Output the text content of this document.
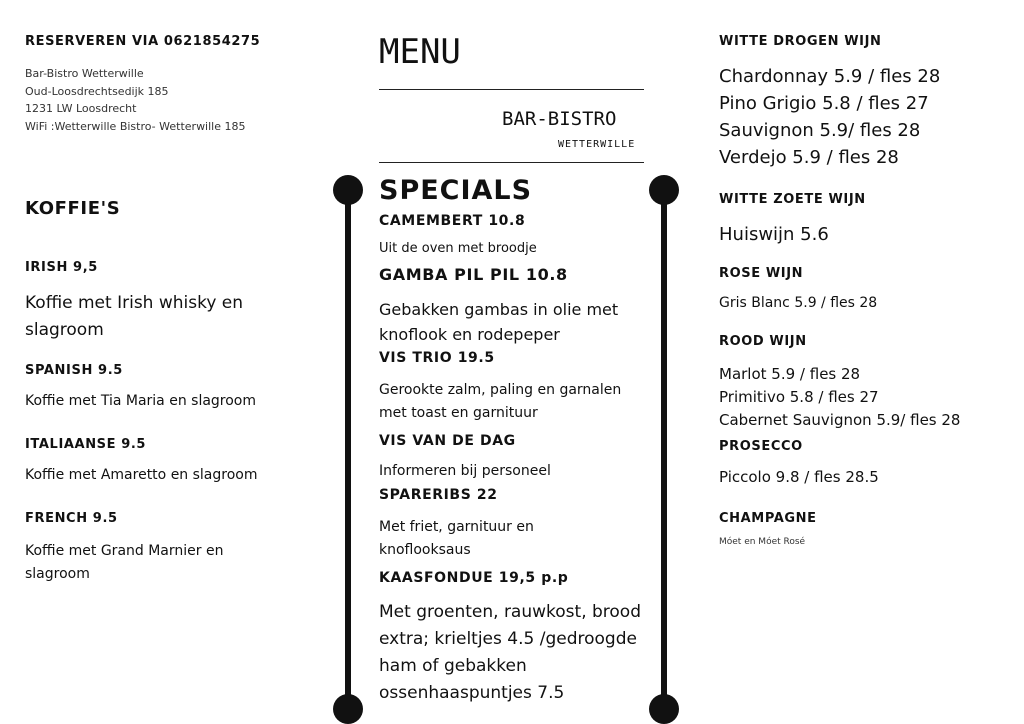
RESERVEREN VIA 0621854275
Bar-Bistro Wetterwille
Oud-Loosdrechtsedijk 185
1231 LW Loosdrecht
WiFi :Wetterwille Bistro- Wetterwille 185
KOFFIE'S
IRISH 9,5
Koffie met Irish whisky en slagroom
SPANISH 9.5
Koffie met Tia Maria en slagroom
ITALIAANSE 9.5
Koffie met Amaretto en slagroom
FRENCH 9.5
Koffie met Grand Marnier en slagroom
MENU
BAR-BISTRO
WETTERWILLE
SPECIALS
CAMEMBERT 10.8
Uit de oven met broodje
GAMBA PIL PIL 10.8
Gebakken gambas in olie met knoflook en rodepeper
VIS TRIO 19.5
Gerookte zalm, paling en garnalen met toast en garnituur
VIS VAN DE DAG
Informeren bij personeel
SPARERIBS 22
Met friet, garnituur en knoflooksaus
KAASFONDUE 19,5 p.p
Met groenten, rauwkost, brood extra; krieltjes 4.5 /gedroogde ham of gebakken ossenhaaspuntjes 7.5
WITTE DROGEN WIJN
Chardonnay 5.9 / fles 28
Pino Grigio 5.8 / fles 27
Sauvignon 5.9/ fles 28
Verdejo 5.9 / fles 28
WITTE ZOETE WIJN
Huiswijn 5.6
ROSE WIJN
Gris Blanc 5.9 / fles 28
ROOD WIJN
Marlot 5.9 / fles 28
Primitivo 5.8 / fles 27
Cabernet Sauvignon 5.9/ fles 28
PROSECCO
Piccolo 9.8 / fles 28.5
CHAMPAGNE
Móet en Móet Rosé
